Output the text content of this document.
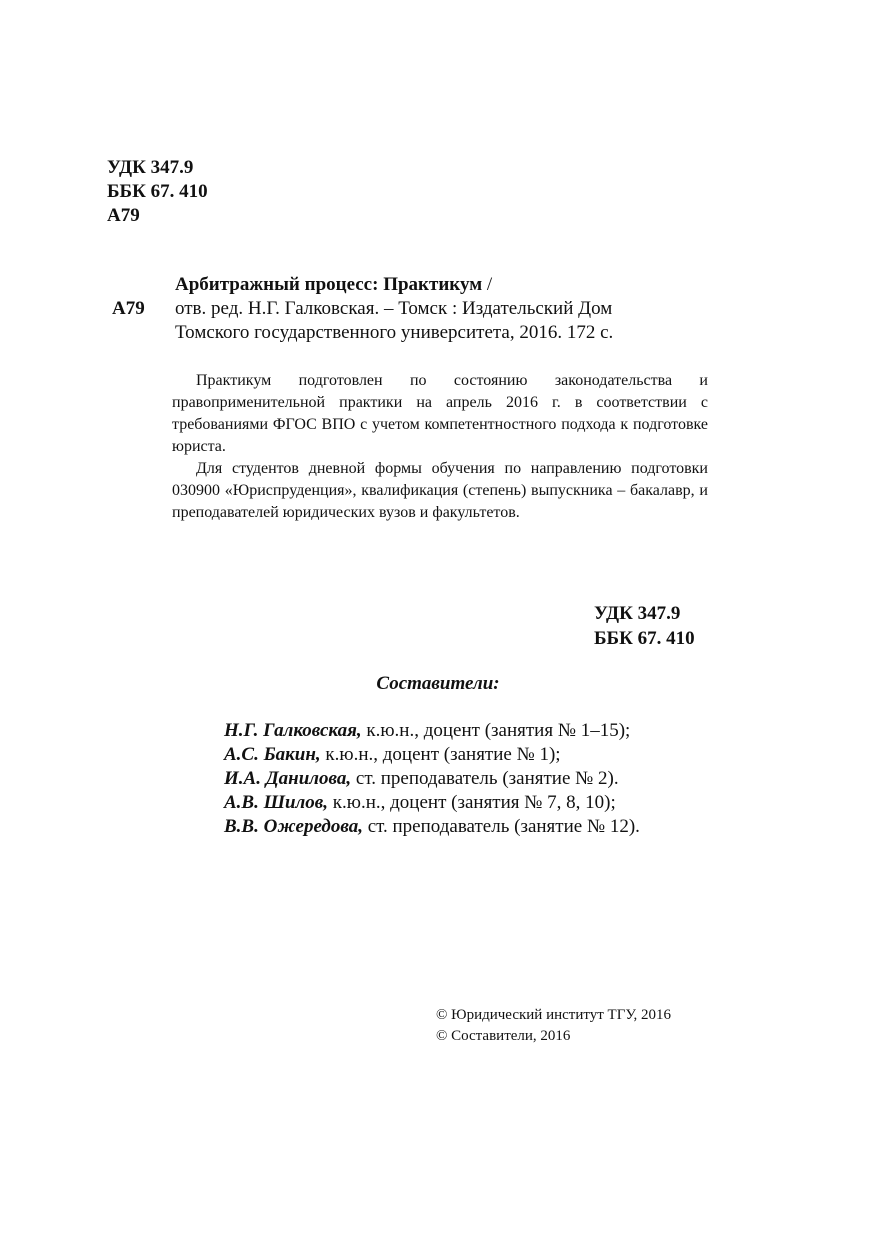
УДК 347.9
ББК 67. 410
А79
А79
Арбитражный процесс: Практикум /
отв. ред. Н.Г. Галковская. – Томск : Издательский Дом
Томского государственного университета, 2016. 172 с.

Практикум подготовлен по состоянию законодательства и правоприменительной практики на апрель 2016 г. в соответствии с требованиями ФГОС ВПО с учетом компетентностного подхода к подготовке юриста.

Для студентов дневной формы обучения по направлению подготовки 030900 «Юриспруденция», квалификация (степень) выпускника – бакалавр, и преподавателей юридических вузов и факультетов.

УДК 347.9
ББК 67. 410
Составители:
Н.Г. Галковская, к.ю.н., доцент (занятия № 1–15);
А.С. Бакин, к.ю.н., доцент (занятие № 1);
И.А. Данилова, ст. преподаватель (занятие № 2).
А.В. Шилов, к.ю.н., доцент (занятия № 7, 8, 10);
В.В. Ожередова, ст. преподаватель (занятие № 12).
© Юридический институт ТГУ, 2016
© Составители, 2016
